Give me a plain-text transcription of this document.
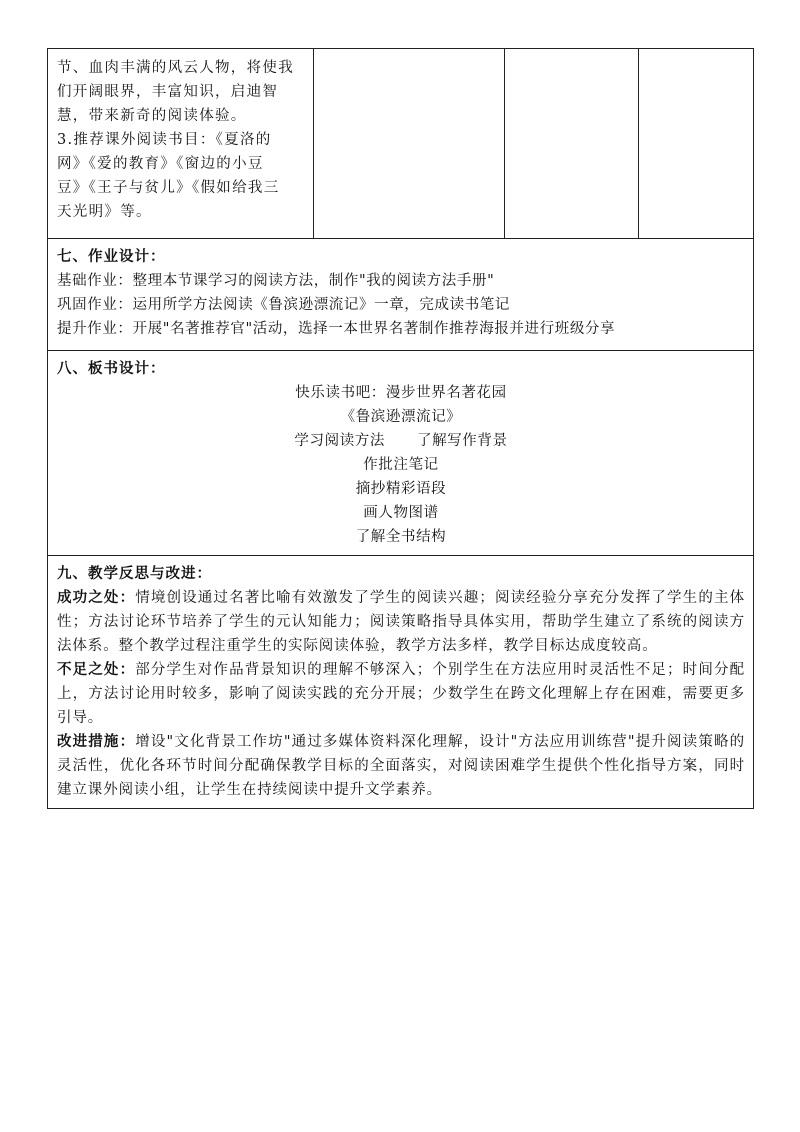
节、血肉丰满的风云人物，将使我

们开阔眼界，丰富知识，启迪智

慧，带来新奇的阅读体验。

3.推荐课外阅读书目：《夏洛的

网》《爱的教育》《窗边的小豆

豆》《王子与贫儿》《假如给我三

天光明》等。

七、作业设计：

基础作业：整理本节课学习的阅读方法，制作"我的阅读方法手册"

巩固作业：运用所学方法阅读《鲁滨逊漂流记》一章，完成读书笔记

提升作业：开展"名著推荐官"活动，选择一本世界名著制作推荐海报并进行班级分享

八、板书设计：

快乐读书吧：漫步世界名著花园

《鲁滨逊漂流记》

学习阅读方法 了解写作背景

作批注笔记

摘抄精彩语段

画人物图谱

了解全书结构

九、教学反思与改进：

成功之处：情境创设通过名著比喻有效激发了学生的阅读兴趣；阅读经验分享充分发挥了学生的主体性；方法讨论环节培养了学生的元认知能力；阅读策略指导具体实用，帮助学生建立了系统的阅读方法体系。整个教学过程注重学生的实际阅读体验，教学方法多样，教学目标达成度较高。

不足之处：部分学生对作品背景知识的理解不够深入；个别学生在方法应用时灵活性不足；时间分配上，方法讨论用时较多，影响了阅读实践的充分开展；少数学生在跨文化理解上存在困难，需要更多引导。

改进措施：增设"文化背景工作坊"通过多媒体资料深化理解，设计"方法应用训练营"提升阅读策略的灵活性，优化各环节时间分配确保教学目标的全面落实，对阅读困难学生提供个性化指导方案，同时建立课外阅读小组，让学生在持续阅读中提升文学素养。
